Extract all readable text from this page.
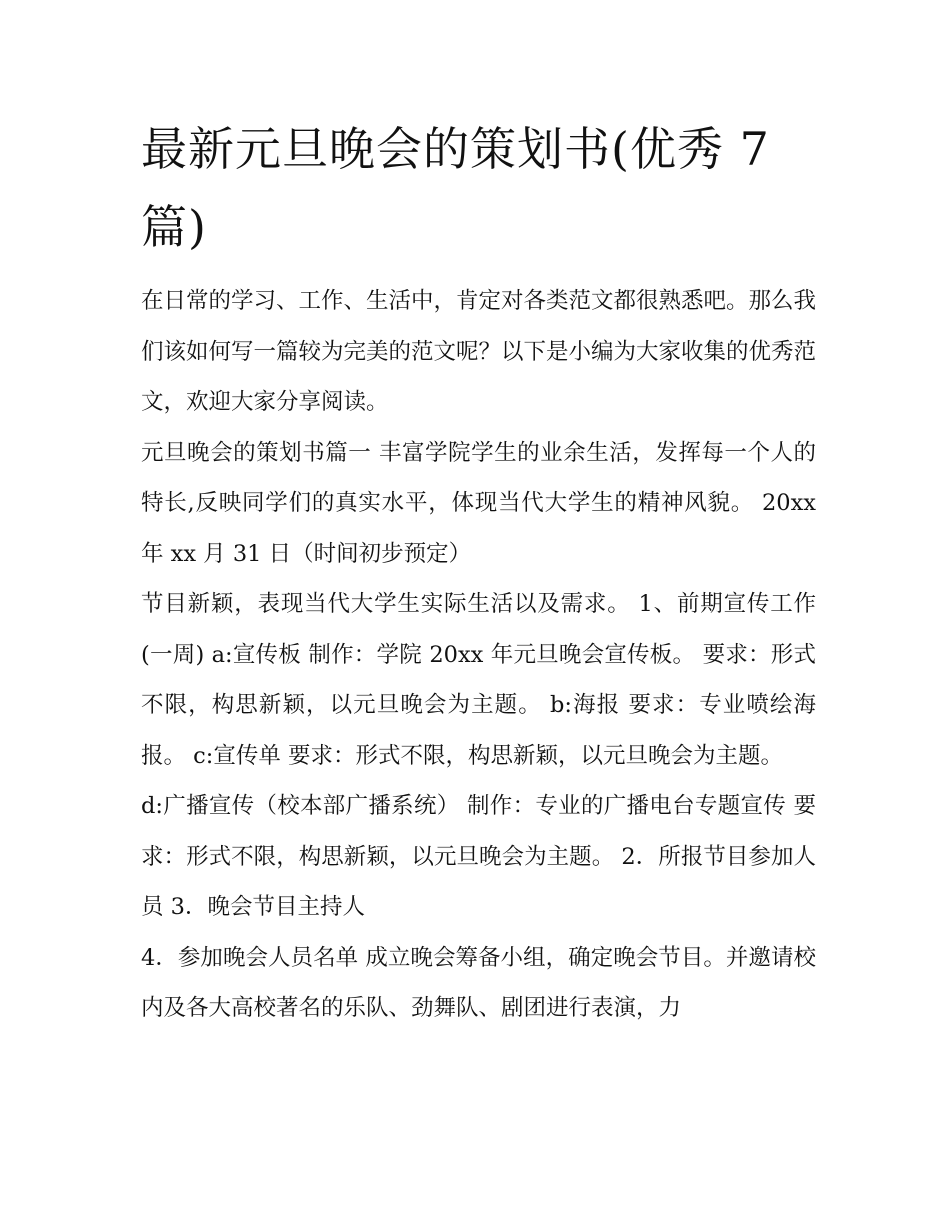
最新元旦晚会的策划书(优秀 7 篇)

在日常的学习、工作、生活中，肯定对各类范文都很熟悉吧。那么我们该如何写一篇较为完美的范文呢？以下是小编为大家收集的优秀范文，欢迎大家分享阅读。

元旦晚会的策划书篇一 丰富学院学生的业余生活，发挥每一个人的特长,反映同学们的真实水平，体现当代大学生的精神风貌。 20xx 年 xx 月 31 日（时间初步预定）

节目新颖，表现当代大学生实际生活以及需求。 1、前期宣传工作 (一周) a:宣传板 制作：学院 20xx 年元旦晚会宣传板。 要求：形式不限，构思新颖，以元旦晚会为主题。 b:海报 要求：专业喷绘海报。 c:宣传单 要求：形式不限，构思新颖，以元旦晚会为主题。

d:广播宣传（校本部广播系统） 制作：专业的广播电台专题宣传 要求：形式不限，构思新颖，以元旦晚会为主题。 2．所报节目参加人员 3．晚会节目主持人

4．参加晚会人员名单 成立晚会筹备小组，确定晚会节目。并邀请校内及各大高校著名的乐队、劲舞队、剧团进行表演，力
